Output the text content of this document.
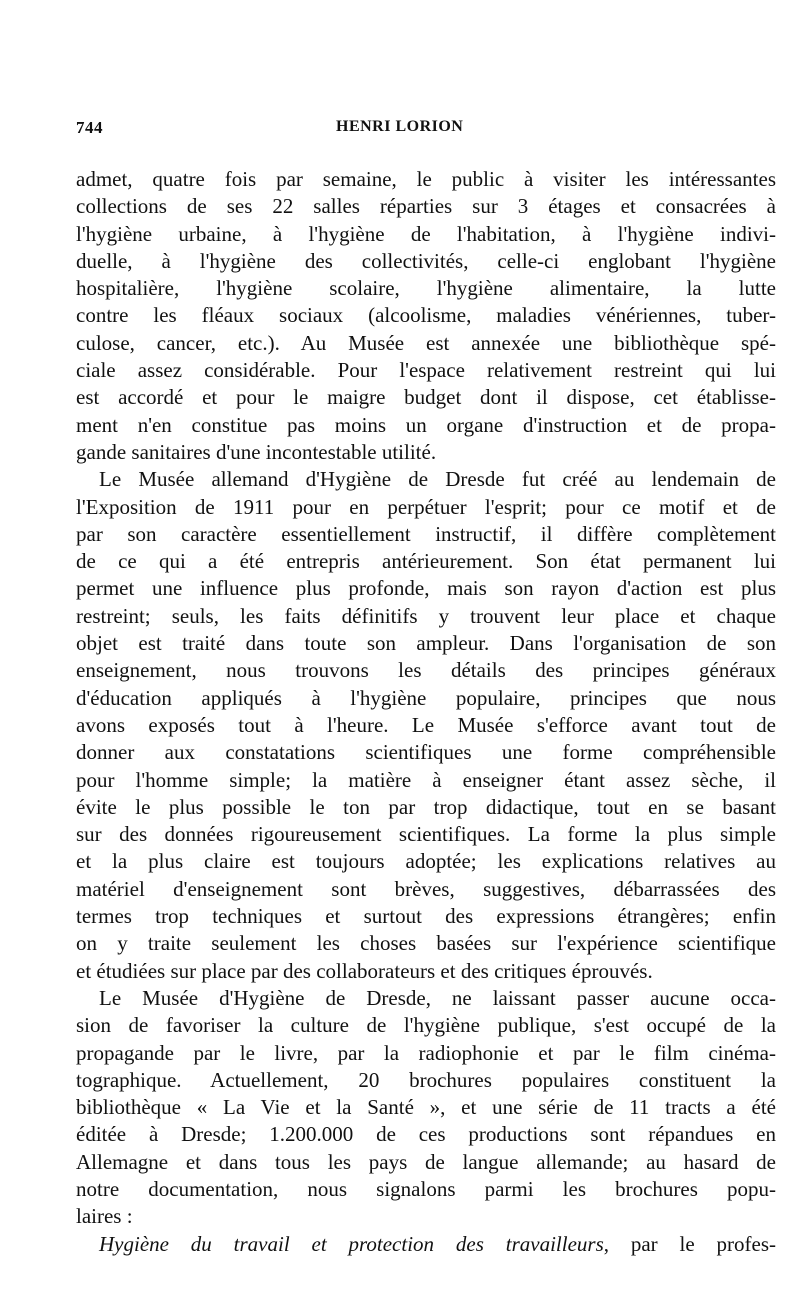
744	HENRI LORION
admet, quatre fois par semaine, le public à visiter les intéressantes
collections de ses 22 salles réparties sur 3 étages et consacrées à
l'hygiène urbaine, à l'hygiène de l'habitation, à l'hygiène indivi-
duelle, à l'hygiène des collectivités, celle-ci englobant l'hygiène
hospitalière, l'hygiène scolaire, l'hygiène alimentaire, la lutte
contre les fléaux sociaux (alcoolisme, maladies vénériennes, tuber-
culose, cancer, etc.). Au Musée est annexée une bibliothèque spé-
ciale assez considérable. Pour l'espace relativement restreint qui lui
est accordé et pour le maigre budget dont il dispose, cet établisse-
ment n'en constitue pas moins un organe d'instruction et de propa-
gande sanitaires d'une incontestable utilité.
Le Musée allemand d'Hygiène de Dresde fut créé au lendemain de
l'Exposition de 1911 pour en perpétuer l'esprit; pour ce motif et de
par son caractère essentiellement instructif, il diffère complètement
de ce qui a été entrepris antérieurement. Son état permanent lui
permet une influence plus profonde, mais son rayon d'action est plus
restreint; seuls, les faits définitifs y trouvent leur place et chaque
objet est traité dans toute son ampleur. Dans l'organisation de son
enseignement, nous trouvons les détails des principes généraux
d'éducation appliqués à l'hygiène populaire, principes que nous
avons exposés tout à l'heure. Le Musée s'efforce avant tout de
donner aux constatations scientifiques une forme compréhensible
pour l'homme simple; la matière à enseigner étant assez sèche, il
évite le plus possible le ton par trop didactique, tout en se basant
sur des données rigoureusement scientifiques. La forme la plus simple
et la plus claire est toujours adoptée; les explications relatives au
matériel d'enseignement sont brèves, suggestives, débarrassées des
termes trop techniques et surtout des expressions étrangères; enfin
on y traite seulement les choses basées sur l'expérience scientifique
et étudiées sur place par des collaborateurs et des critiques éprouvés.
Le Musée d'Hygiène de Dresde, ne laissant passer aucune occa-
sion de favoriser la culture de l'hygiène publique, s'est occupé de la
propagande par le livre, par la radiophonie et par le film cinéma-
tographique. Actuellement, 20 brochures populaires constituent la
bibliothèque « La Vie et la Santé », et une série de 11 tracts a été
éditée à Dresde; 1.200.000 de ces productions sont répandues en
Allemagne et dans tous les pays de langue allemande; au hasard de
notre documentation, nous signalons parmi les brochures popu-
laires :
Hygiène du travail et protection des travailleurs, par le profes-
